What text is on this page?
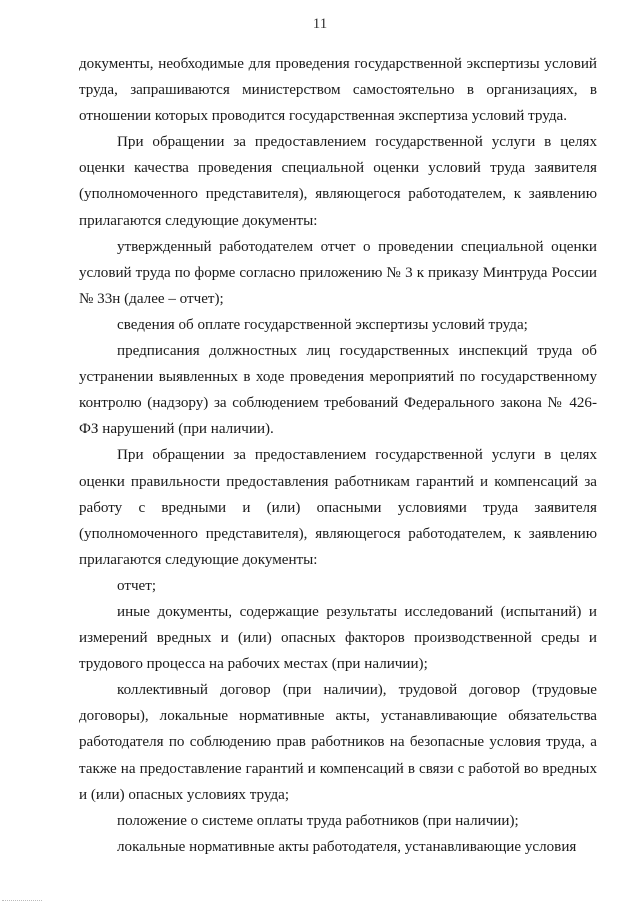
11

документы, необходимые для проведения государственной экспертизы условий труда, запрашиваются министерством самостоятельно в организациях, в отношении которых проводится государственная экспертиза условий труда.

При обращении за предоставлением государственной услуги в целях оценки качества проведения специальной оценки условий труда заявителя (уполномоченного представителя), являющегося работодателем, к заявлению прилагаются следующие документы:

утвержденный работодателем отчет о проведении специальной оценки условий труда по форме согласно приложению № 3 к приказу Минтруда России № 33н (далее – отчет);

сведения об оплате государственной экспертизы условий труда;

предписания должностных лиц государственных инспекций труда об устранении выявленных в ходе проведения мероприятий по государственному контролю (надзору) за соблюдением требований Федерального закона № 426-ФЗ нарушений (при наличии).

При обращении за предоставлением государственной услуги в целях оценки правильности предоставления работникам гарантий и компенсаций за работу с вредными и (или) опасными условиями труда заявителя (уполномоченного представителя), являющегося работодателем, к заявлению прилагаются следующие документы:

отчет;

иные документы, содержащие результаты исследований (испытаний) и измерений вредных и (или) опасных факторов производственной среды и трудового процесса на рабочих местах (при наличии);

коллективный договор (при наличии), трудовой договор (трудовые договоры), локальные нормативные акты, устанавливающие обязательства работодателя по соблюдению прав работников на безопасные условия труда, а также на предоставление гарантий и компенсаций в связи с работой во вредных и (или) опасных условиях труда;

положение о системе оплаты труда работников (при наличии);

локальные нормативные акты работодателя, устанавливающие условия
